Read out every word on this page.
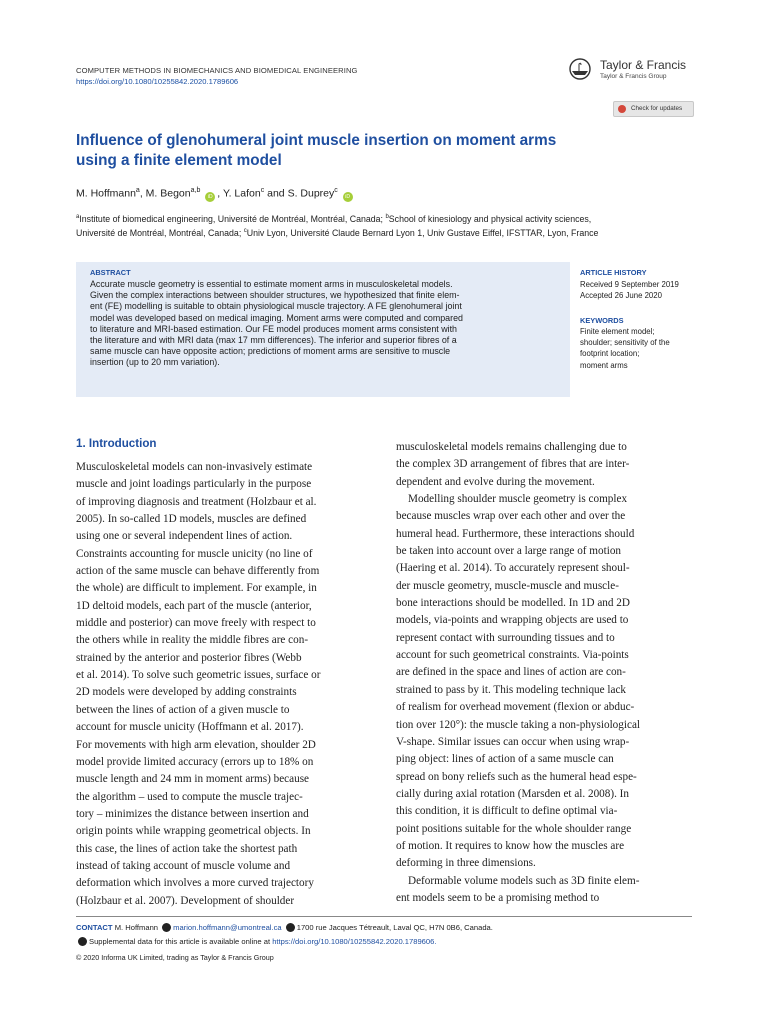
COMPUTER METHODS IN BIOMECHANICS AND BIOMEDICAL ENGINEERING
https://doi.org/10.1080/10255842.2020.1789606
Taylor & Francis
Taylor & Francis Group
Check for updates
Influence of glenohumeral joint muscle insertion on moment arms
using a finite element model
M. Hoffmann$^a$, M. Begon$^{a,b}$ iD , Y. Lafon$^c$ and S. Duprey$^c$ iD
$^a$Institute of biomedical engineering, Université de Montréal, Montréal, Canada; $^b$School of kinesiology and physical activity sciences,
Université de Montréal, Montréal, Canada; $^c$Univ Lyon, Université Claude Bernard Lyon 1, Univ Gustave Eiffel, IFSTTAR, Lyon, France
ABSTRACT
Accurate muscle geometry is essential to estimate moment arms in musculoskeletal models.
Given the complex interactions between shoulder structures, we hypothesized that finite elem-
ent (FE) modelling is suitable to obtain physiological muscle trajectory. A FE glenohumeral joint
model was developed based on medical imaging. Moment arms were computed and compared
to literature and MRI-based estimation. Our FE model produces moment arms consistent with
the literature and with MRI data (max 17 mm differences). The inferior and superior fibres of a
same muscle can have opposite action; predictions of moment arms are sensitive to muscle
insertion (up to 20 mm variation).
ARTICLE HISTORY
Received 9 September 2019
Accepted 26 June 2020
KEYWORDS
Finite element model;
shoulder; sensitivity of the
footprint location;
moment arms
1. Introduction
Musculoskeletal models can non-invasively estimate
muscle and joint loadings particularly in the purpose
of improving diagnosis and treatment (Holzbaur et al.
2005). In so-called 1D models, muscles are defined
using one or several independent lines of action.
Constraints accounting for muscle unicity (no line of
action of the same muscle can behave differently from
the whole) are difficult to implement. For example, in
1D deltoid models, each part of the muscle (anterior,
middle and posterior) can move freely with respect to
the others while in reality the middle fibres are con-
strained by the anterior and posterior fibres (Webb
et al. 2014). To solve such geometric issues, surface or
2D models were developed by adding constraints
between the lines of action of a given muscle to
account for muscle unicity (Hoffmann et al. 2017).
For movements with high arm elevation, shoulder 2D
model provide limited accuracy (errors up to 18% on
muscle length and 24 mm in moment arms) because
the algorithm – used to compute the muscle trajec-
tory – minimizes the distance between insertion and
origin points while wrapping geometrical objects. In
this case, the lines of action take the shortest path
instead of taking account of muscle volume and
deformation which involves a more curved trajectory
(Holzbaur et al. 2007). Development of shoulder
musculoskeletal models remains challenging due to
the complex 3D arrangement of fibres that are inter-
dependent and evolve during the movement.
Modelling shoulder muscle geometry is complex
because muscles wrap over each other and over the
humeral head. Furthermore, these interactions should
be taken into account over a large range of motion
(Haering et al. 2014). To accurately represent shoul-
der muscle geometry, muscle-muscle and muscle-
bone interactions should be modelled. In 1D and 2D
models, via-points and wrapping objects are used to
represent contact with surrounding tissues and to
account for such geometrical constraints. Via-points
are defined in the space and lines of action are con-
strained to pass by it. This modeling technique lack
of realism for overhead movement (flexion or abduc-
tion over 120°): the muscle taking a non-physiological
V-shape. Similar issues can occur when using wrap-
ping object: lines of action of a same muscle can
spread on bony reliefs such as the humeral head espe-
cially during axial rotation (Marsden et al. 2008). In
this condition, it is difficult to define optimal via-
point positions suitable for the whole shoulder range
of motion. It requires to know how the muscles are
deforming in three dimensions.
Deformable volume models such as 3D finite elem-
ent models seem to be a promising method to
CONTACT M. Hoffmann marion.hoffmann@umontreal.ca 1700 rue Jacques Tétreault, Laval QC, H7N 0B6, Canada.
Supplemental data for this article is available online at https://doi.org/10.1080/10255842.2020.1789606.
© 2020 Informa UK Limited, trading as Taylor & Francis Group
